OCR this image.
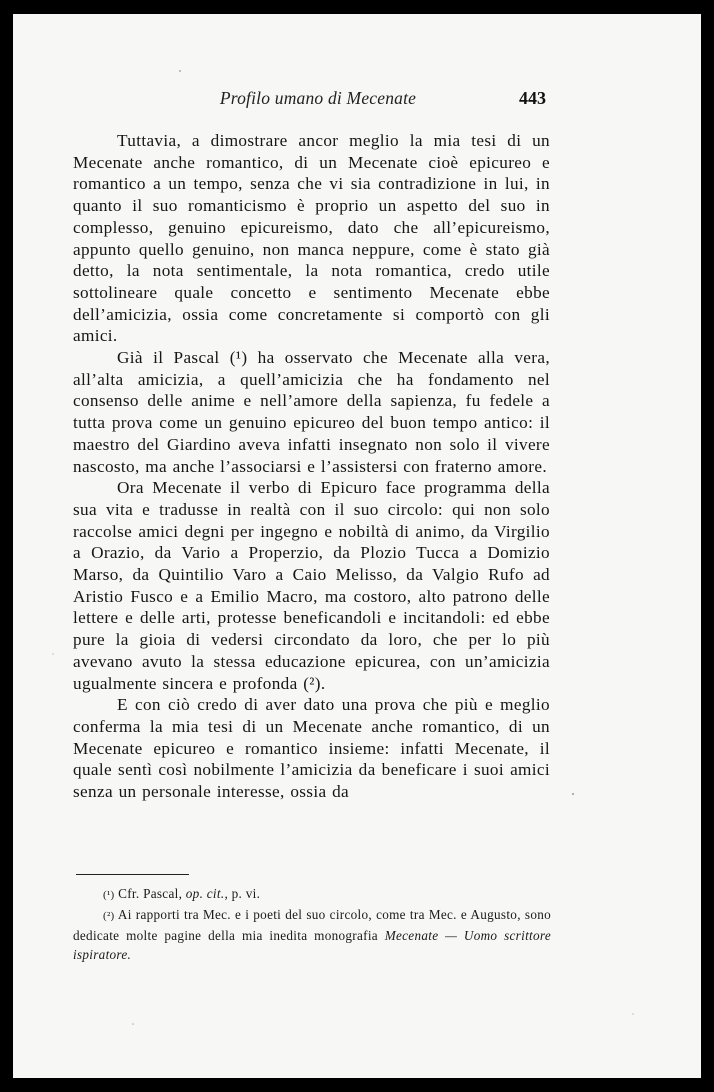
Profilo umano di Mecenate	443

Tuttavia, a dimostrare ancor meglio la mia tesi di un Mecenate anche romantico, di un Mecenate cioè epicureo e romantico a un tempo, senza che vi sia contradizione in lui, in quanto il suo romanticismo è proprio un aspetto del suo in complesso, genuino epicureismo, dato che all’epicureismo, appunto quello genuino, non manca neppure, come è stato già detto, la nota sentimentale, la nota romantica, credo utile sottolineare quale concetto e sentimento Mecenate ebbe dell’amicizia, ossia come concretamente si comportò con gli amici.

Già il Pascal (¹) ha osservato che Mecenate alla vera, all’alta amicizia, a quell’amicizia che ha fondamento nel consenso delle anime e nell’amore della sapienza, fu fedele a tutta prova come un genuino epicureo del buon tempo antico: il maestro del Giardino aveva infatti insegnato non solo il vivere nascosto, ma anche l’associarsi e l’assistersi con fraterno amore.

Ora Mecenate il verbo di Epicuro face programma della sua vita e tradusse in realtà con il suo circolo: qui non solo raccolse amici degni per ingegno e nobiltà di animo, da Virgilio a Orazio, da Vario a Properzio, da Plozio Tucca a Domizio Marso, da Quintilio Varo a Caio Melisso, da Valgio Rufo ad Aristio Fusco e a Emilio Macro, ma costoro, alto patrono delle lettere e delle arti, protesse beneficandoli e incitandoli: ed ebbe pure la gioia di vedersi circondato da loro, che per lo più avevano avuto la stessa educazione epicurea, con un’amicizia ugualmente sincera e profonda (²).

E con ciò credo di aver dato una prova che più e meglio conferma la mia tesi di un Mecenate anche romantico, di un Mecenate epicureo e romantico insieme: infatti Mecenate, il quale sentì così nobilmente l’amicizia da beneficare i suoi amici senza un personale interesse, ossia da

(¹) Cfr. Pascal, op. cit., p. vi.

(²) Ai rapporti tra Mec. e i poeti del suo circolo, come tra Mec. e Augusto, sono dedicate molte pagine della mia inedita monografia Mecenate — Uomo scrittore ispiratore.
